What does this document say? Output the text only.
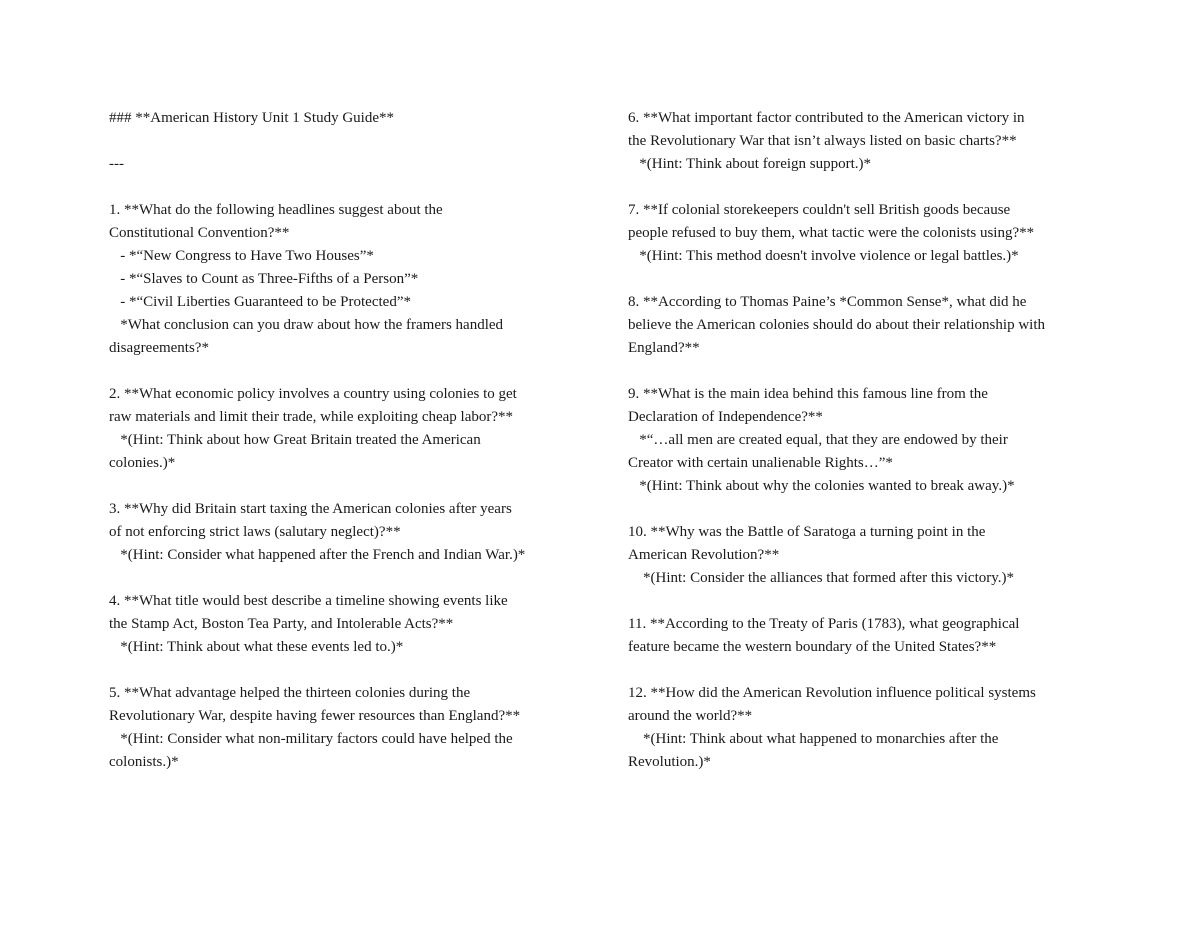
### **American History Unit 1 Study Guide**
---
1. **What do the following headlines suggest about the
Constitutional Convention?**
- *“New Congress to Have Two Houses”*
- *“Slaves to Count as Three-Fifths of a Person”*
- *“Civil Liberties Guaranteed to be Protected”*
*What conclusion can you draw about how the framers handled
disagreements?*
2. **What economic policy involves a country using colonies to get
raw materials and limit their trade, while exploiting cheap labor?**
*(Hint: Think about how Great Britain treated the American
colonies.)*
3. **Why did Britain start taxing the American colonies after years
of not enforcing strict laws (salutary neglect)?**
*(Hint: Consider what happened after the French and Indian War.)*
4. **What title would best describe a timeline showing events like
the Stamp Act, Boston Tea Party, and Intolerable Acts?**
*(Hint: Think about what these events led to.)*
5. **What advantage helped the thirteen colonies during the
Revolutionary War, despite having fewer resources than England?**
*(Hint: Consider what non-military factors could have helped the
colonists.)*
6. **What important factor contributed to the American victory in
the Revolutionary War that isn’t always listed on basic charts?**
*(Hint: Think about foreign support.)*
7. **If colonial storekeepers couldn't sell British goods because
people refused to buy them, what tactic were the colonists using?**
*(Hint: This method doesn't involve violence or legal battles.)*
8. **According to Thomas Paine’s *Common Sense*, what did he
believe the American colonies should do about their relationship with
England?**
9. **What is the main idea behind this famous line from the
Declaration of Independence?**
*“…all men are created equal, that they are endowed by their
Creator with certain unalienable Rights…”*
*(Hint: Think about why the colonies wanted to break away.)*
10. **Why was the Battle of Saratoga a turning point in the
American Revolution?**
*(Hint: Consider the alliances that formed after this victory.)*
11. **According to the Treaty of Paris (1783), what geographical
feature became the western boundary of the United States?**
12. **How did the American Revolution influence political systems
around the world?**
*(Hint: Think about what happened to monarchies after the
Revolution.)*
